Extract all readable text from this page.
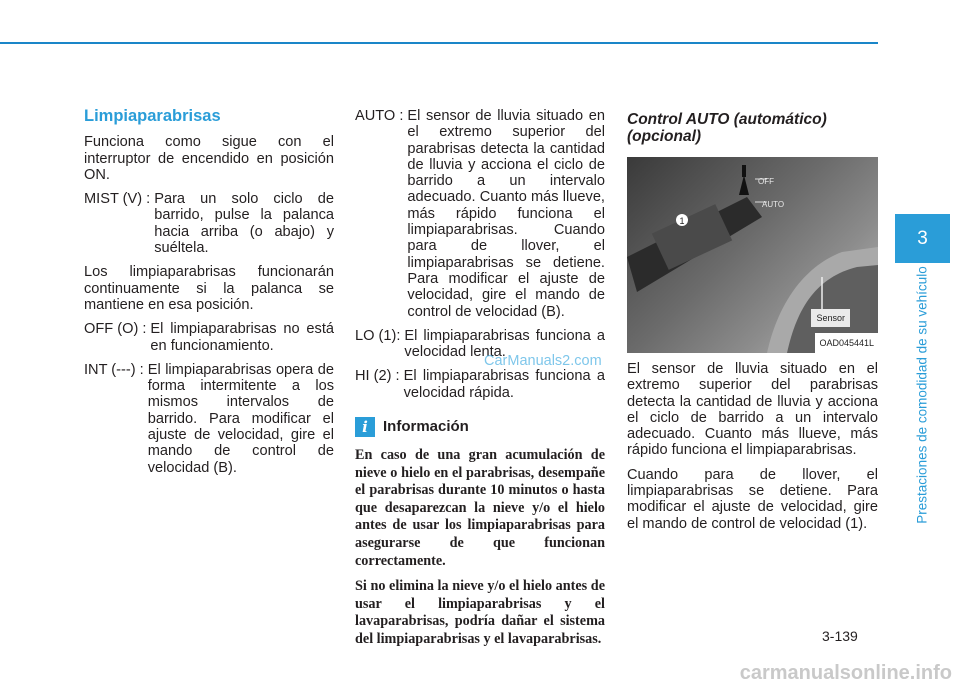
Limpiaparabrisas

Funciona como sigue con el interruptor de encendido en posición ON.

MIST (V) : Para un solo ciclo de barrido, pulse la palanca hacia arriba (o abajo) y suéltela.

Los limpiaparabrisas funcionarán continuamente si la palanca se mantiene en esa posición.

OFF (O) : El limpiaparabrisas no está en funcionamiento.
INT (---) : El limpiaparabrisas opera de forma intermitente a los mismos intervalos de barrido. Para modificar el ajuste de velocidad, gire el mando de control de velocidad (B).
AUTO : El sensor de lluvia situado en el extremo superior del parabrisas detecta la cantidad de lluvia y acciona el ciclo de barrido a un intervalo adecuado. Cuanto más llueve, más rápido funciona el limpiaparabrisas. Cuando para de llover, el limpiaparabrisas se detiene. Para modificar el ajuste de velocidad, gire el mando de control de velocidad (B).
LO (1): El limpiaparabrisas funciona a velocidad lenta.
HI (2) : El limpiaparabrisas funciona a velocidad rápida.
i	Información

En caso de una gran acumulación de nieve o hielo en el parabrisas, desempañe el parabrisas durante 10 minutos o hasta que desaparezcan la nieve y/o el hielo antes de usar los limpiaparabrisas para asegurarse de que funcionan correctamente.

Si no elimina la nieve y/o el hielo antes de usar el limpiaparabrisas y el lavaparabrisas, podría dañar el sistema del limpiaparabrisas y el lavaparabrisas.

Control AUTO (automático) (opcional)
1
OFF
AUTO
Sensor
OAD045441L

El sensor de lluvia situado en el extremo superior del parabrisas detecta la cantidad de lluvia y acciona el ciclo de barrido a un intervalo adecuado. Cuanto más llueve, más rápido funciona el limpiaparabrisas.

Cuando para de llover, el limpiaparabrisas se detiene. Para modificar el ajuste de velocidad, gire el mando de control de velocidad (1).

3
Prestaciones de comodidad de su vehículo
3-139
CarManuals2.com
carmanualsonline.info
